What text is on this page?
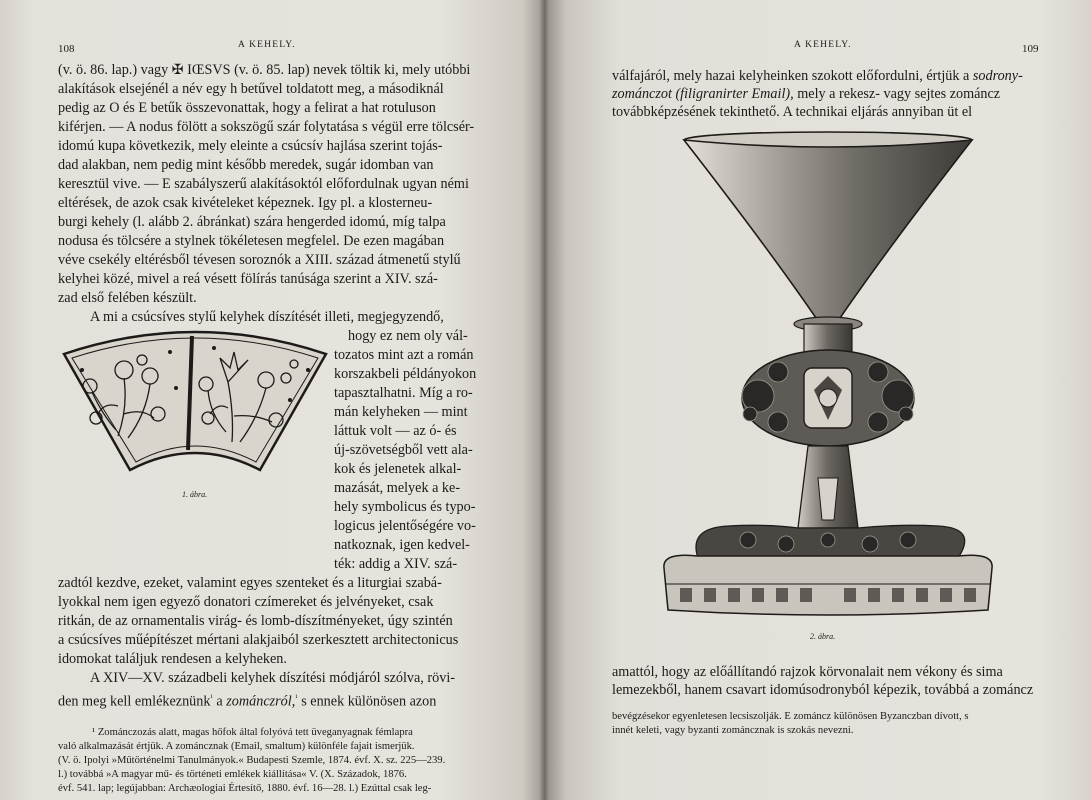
108	A KEHELY.
(v. ö. 86. lap.) vagy ✠ IŒSVS (v. ö. 85. lap) nevek töltik ki, mely utóbbi
alakítások elsejénél a név egy h betűvel toldatott meg, a másodiknál
pedig az O és E betűk összevonattak, hogy a felirat a hat rotuluson
kiférjen. — A nodus fölött a sokszögű szár folytatása s végül erre tölcsér-
idomú kupa következik, mely eleinte a csúcsív hajlása szerint tojás-
dad alakban, nem pedig mint később meredek, sugár idomban van
keresztül vive. — E szabályszerű alakításoktól előfordulnak ugyan némi
eltérések, de azok csak kivételeket képeznek. Igy pl. a klosterneu-
burgi kehely (l. alább 2. ábránkat) szára hengerded idomú, míg talpa
nodusa és tölcsére a stylnek tökéletesen megfelel. De ezen magában
véve csekély eltérésből tévesen soroznók a XIII. század átmenetű stylű
kelyhei közé, mivel a reá vésett fölírás tanúsága szerint a XIV. szá-
zad első felében készült.
A mi a csúcsíves stylű kelyhek díszítését illeti, megjegyzendő,
hogy ez nem oly vál-
tozatos mint azt a román
korszakbeli példányokon
tapasztalhatni. Míg a ro-
mán kelyheken — mint
láttuk volt — az ó- és
új-szövetségből vett ala-
kok és jelenetek alkal-
mazását, melyek a ke-
hely symbolicus és typo-
logicus jelentőségére vo-
natkoznak, igen kedvel-
ték: addig a XIV. szá-
zadtól kezdve, ezeket, valamint egyes szenteket és a liturgiai szabá-
lyokkal nem igen egyező donatori czímereket és jelvényeket, csak
ritkán, de az ornamentalis virág- és lomb-díszítményeket, úgy szintén
a csúcsíves műépítészet mértani alakjaiból szerkesztett architectonicus
idomokat találjuk rendesen a kelyheken.
A XIV—XV. századbeli kelyhek díszítési módjáról szólva, rövi-
den meg kell emlékeznünk$^{^1}$ a zománczról,$^{^1}$ s ennek különösen azon
1. ábra.
¹ Zománczozás alatt, magas hőfok által folyóvá tett üveganyagnak fémlapra
való alkalmazását értjük. A zománcznak (Email, smaltum) különféle fajait ismerjük.
(V. ö. Ipolyi »Műtörténelmi Tanulmányok.« Budapesti Szemle, 1874. évf. X. sz. 225—239.
l.) továbbá »A magyar mű- és történeti emlékek kiállítása« V. (X. Századok, 1876.
évf. 541. lap; legújabban: Archæologiai Értesítő, 1880. évf. 16—28. l.) Ezúttal csak leg-
A KEHELY.	109
válfajáról, mely hazai kelyheinken szokott előfordulni, értjük a sodrony-
zománczot (filigranirter Email), mely a rekesz- vagy sejtes zománcz
továbbképzésének tekinthető. A technikai eljárás annyiban üt el
2. ábra.
amattól, hogy az előállítandó rajzok körvonalait nem vékony és sima
lemezekből, hanem csavart idomúsodronyból képezik, továbbá a zománcz
bevégzésekor egyenletesen lecsiszolják. E zománcz különösen Byzanczban dívott, s
innét keleti, vagy byzanti zománcznak is szokás nevezni.
